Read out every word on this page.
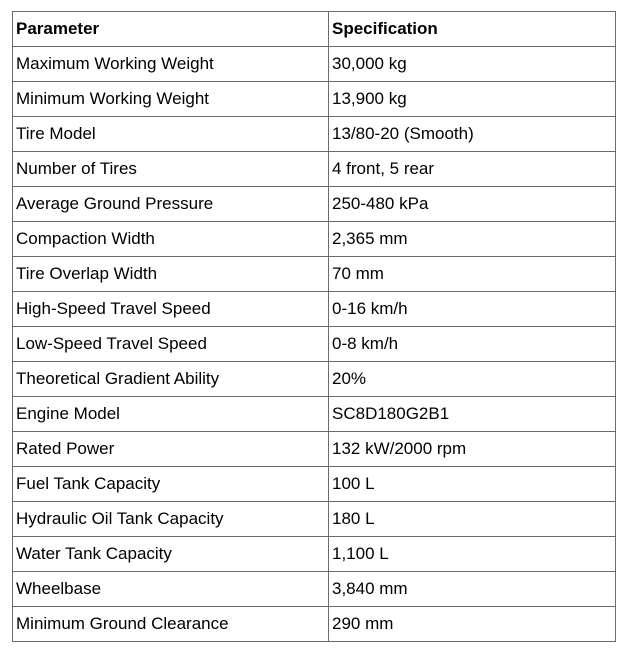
Parameter	Specification
Maximum Working Weight	30,000 kg
Minimum Working Weight	13,900 kg
Tire Model	13/80-20 (Smooth)
Number of Tires	4 front, 5 rear
Average Ground Pressure	250-480 kPa
Compaction Width	2,365 mm
Tire Overlap Width	70 mm
High-Speed Travel Speed	0-16 km/h
Low-Speed Travel Speed	0-8 km/h
Theoretical Gradient Ability	20%
Engine Model	SC8D180G2B1
Rated Power	132 kW/2000 rpm
Fuel Tank Capacity	100 L
Hydraulic Oil Tank Capacity	180 L
Water Tank Capacity	1,100 L
Wheelbase	3,840 mm
Minimum Ground Clearance	290 mm
